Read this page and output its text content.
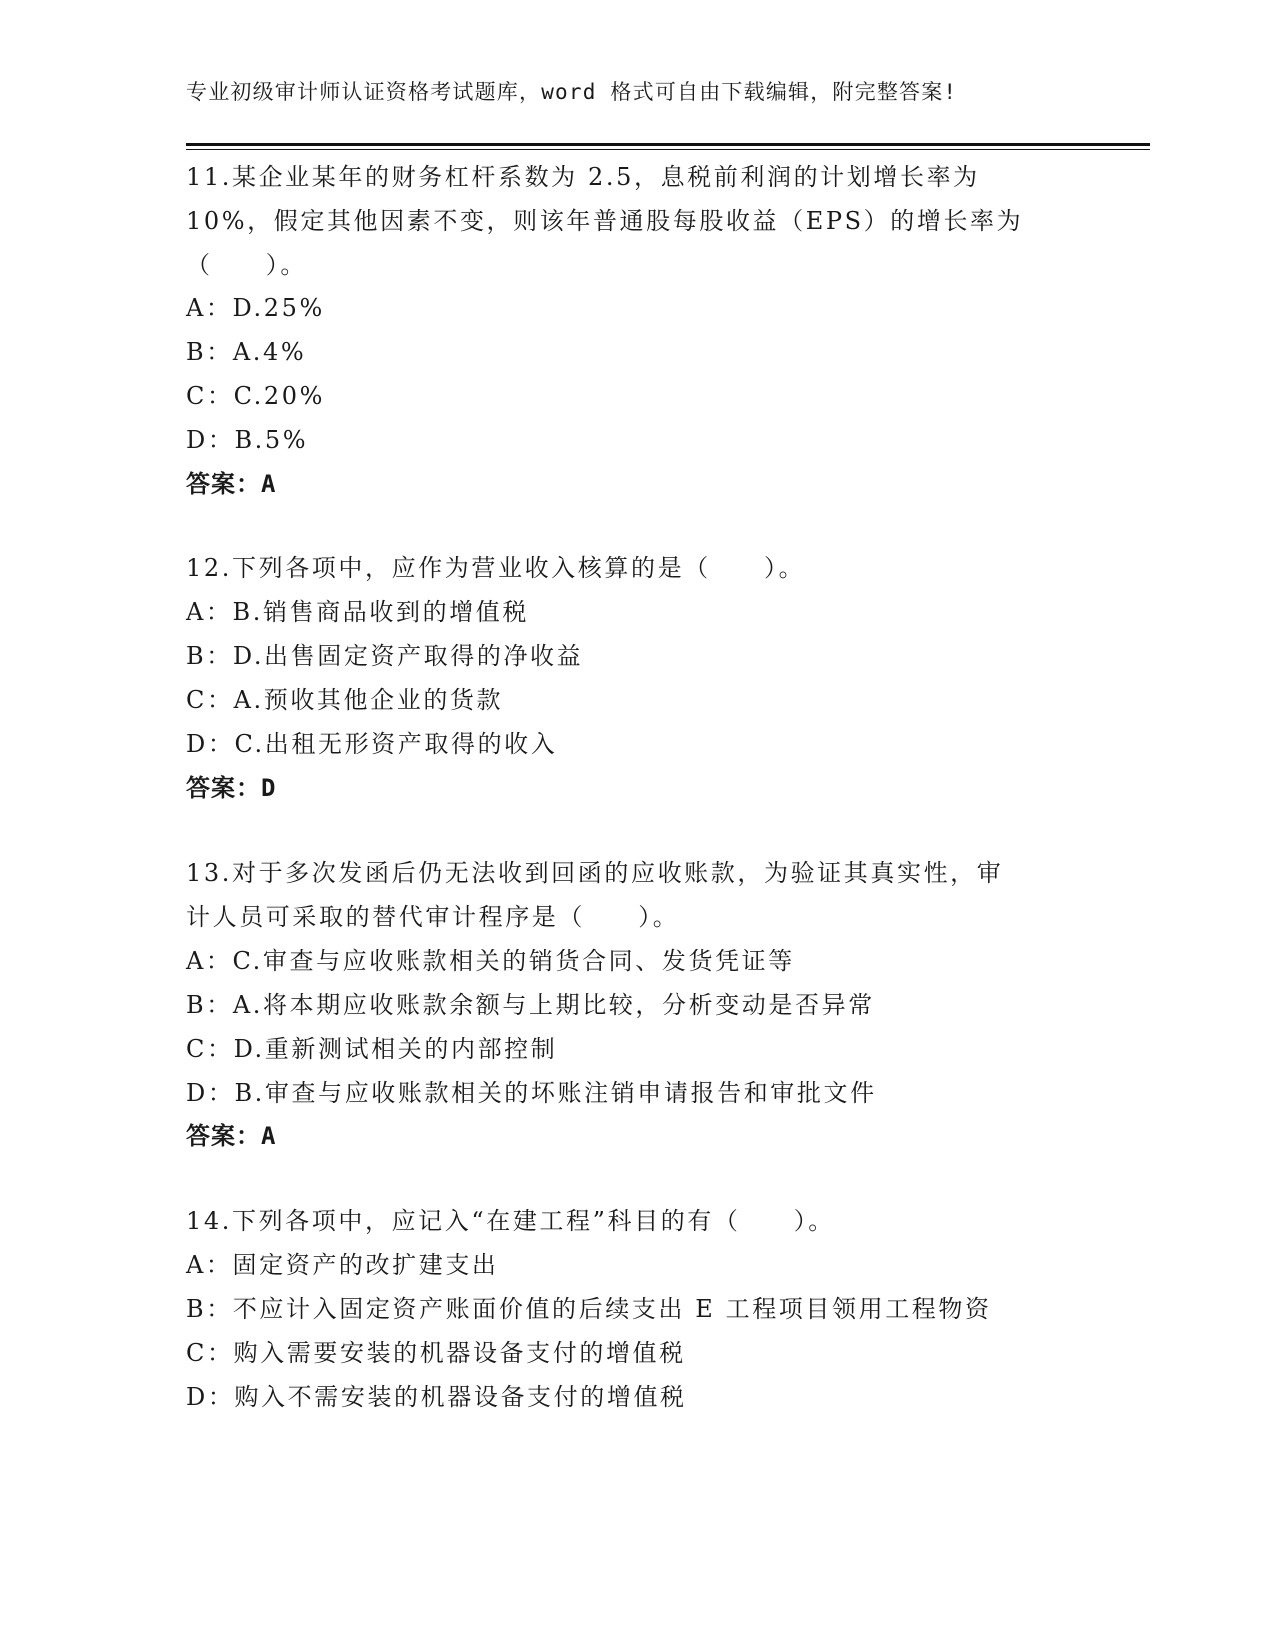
专业初级审计师认证资格考试题库，word 格式可自由下载编辑，附完整答案!
11.某企业某年的财务杠杆系数为 2.5，息税前利润的计划增长率为
10%，假定其他因素不变，则该年普通股每股收益（EPS）的增长率为
（　　）。
A：D.25%
B：A.4%
C：C.20%
D：B.5%
答案：A
12.下列各项中，应作为营业收入核算的是（　　）。
A：B.销售商品收到的增值税
B：D.出售固定资产取得的净收益
C：A.预收其他企业的货款
D：C.出租无形资产取得的收入
答案：D
13.对于多次发函后仍无法收到回函的应收账款，为验证其真实性，审
计人员可采取的替代审计程序是（　　）。
A：C.审查与应收账款相关的销货合同、发货凭证等
B：A.将本期应收账款余额与上期比较，分析变动是否异常
C：D.重新测试相关的内部控制
D：B.审查与应收账款相关的坏账注销申请报告和审批文件
答案：A
14.下列各项中，应记入“在建工程”科目的有（　　）。
A：固定资产的改扩建支出
B：不应计入固定资产账面价值的后续支出 E 工程项目领用工程物资
C：购入需要安装的机器设备支付的增值税
D：购入不需安装的机器设备支付的增值税
